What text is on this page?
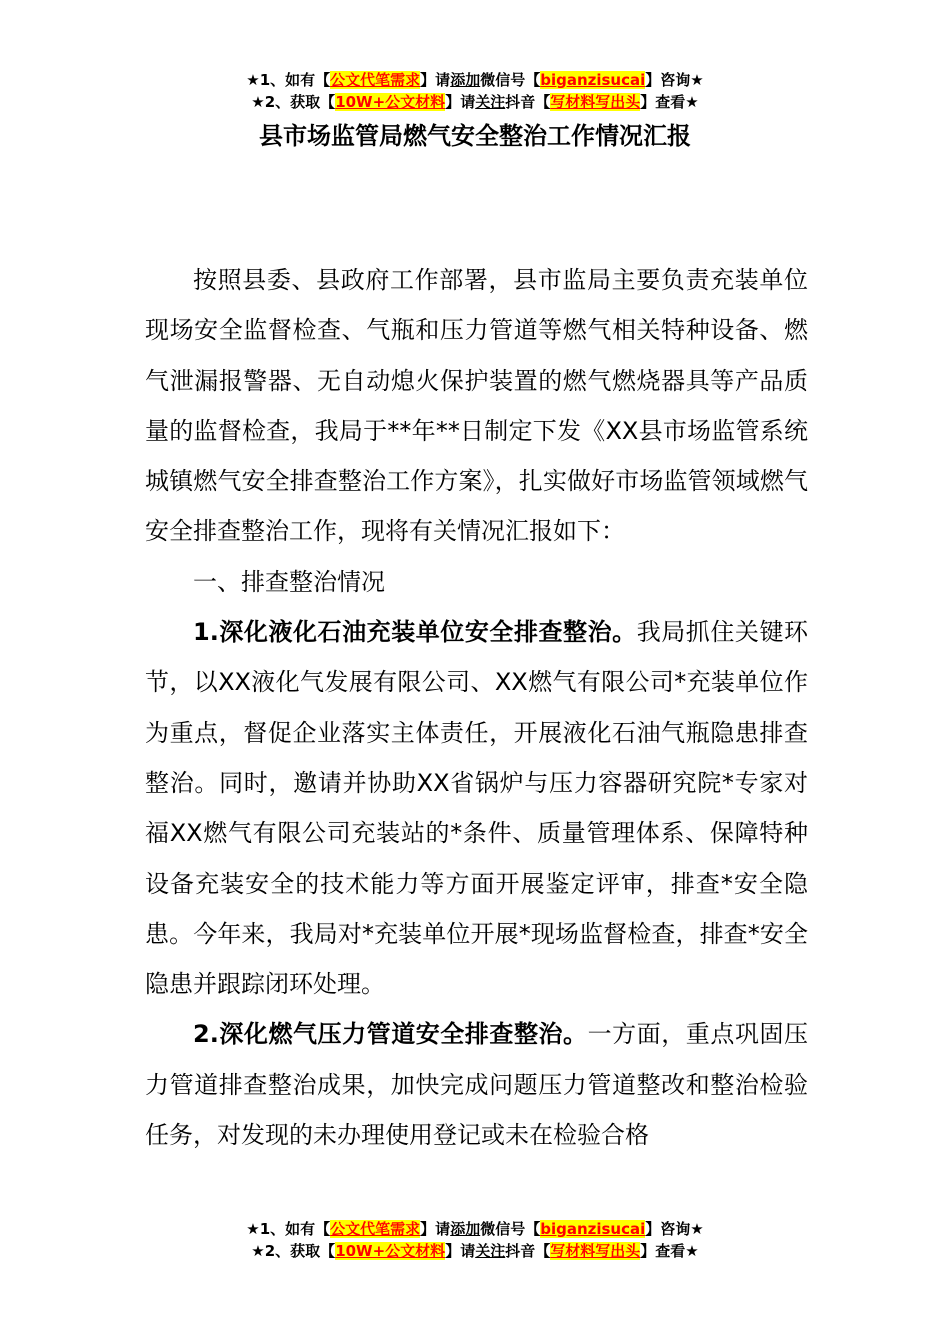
★1、如有【公文代笔需求】请添加微信号【biganzisucai】咨询★
★2、获取【10W+公文材料】请关注抖音【写材料写出头】查看★
县市场监管局燃气安全整治工作情况汇报

按照县委、县政府工作部署，县市监局主要负责充装单位现场安全监督检查、气瓶和压力管道等燃气相关特种设备、燃气泄漏报警器、无自动熄火保护装置的燃气燃烧器具等产品质量的监督检查，我局于**年**日制定下发《XX县市场监管系统城镇燃气安全排查整治工作方案》，扎实做好市场监管领域燃气安全排查整治工作，现将有关情况汇报如下：

一、排查整治情况

1.深化液化石油充装单位安全排查整治。我局抓住关键环节，以XX液化气发展有限公司、XX燃气有限公司*充装单位作为重点，督促企业落实主体责任，开展液化石油气瓶隐患排查整治。同时，邀请并协助XX省锅炉与压力容器研究院*专家对福XX燃气有限公司充装站的*条件、质量管理体系、保障特种设备充装安全的技术能力等方面开展鉴定评审，排查*安全隐患。今年来，我局对*充装单位开展*现场监督检查，排查*安全隐患并跟踪闭环处理。

2.深化燃气压力管道安全排查整治。一方面，重点巩固压力管道排查整治成果，加快完成问题压力管道整改和整治检验任务，对发现的未办理使用登记或未在检验合格

★1、如有【公文代笔需求】请添加微信号【biganzisucai】咨询★
★2、获取【10W+公文材料】请关注抖音【写材料写出头】查看★
